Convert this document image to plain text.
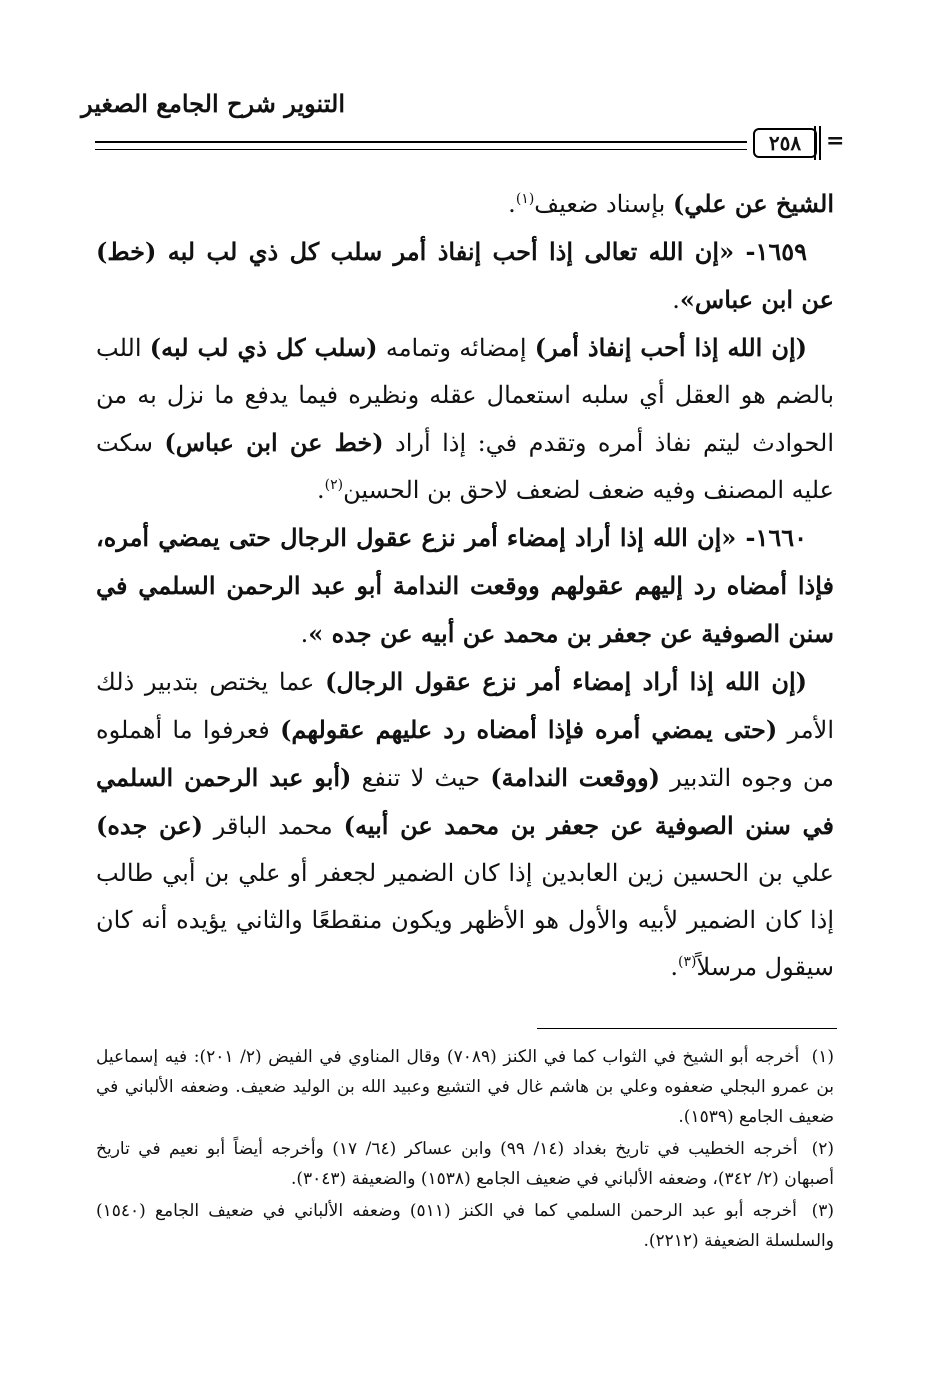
التنوير شرح الجامع الصغير
=
٢٥٨

الشيخ عن علي) بإسناد ضعيف$^{(١)}$.

١٦٥٩- «إن الله تعالى إذا أحب إنفاذ أمر سلب كل ذي لب لبه (خط) عن ابن عباس».

(إن الله إذا أحب إنفاذ أمر) إمضائه وتمامه (سلب كل ذي لب لبه) اللب بالضم هو العقل أي سلبه استعمال عقله ونظيره فيما يدفع ما نزل به من الحوادث ليتم نفاذ أمره وتقدم في: إذا أراد (خط عن ابن عباس) سكت عليه المصنف وفيه ضعف لضعف لاحق بن الحسين$^{(٢)}$.

١٦٦٠- «إن الله إذا أراد إمضاء أمر نزع عقول الرجال حتى يمضي أمره، فإذا أمضاه رد إليهم عقولهم ووقعت الندامة أبو عبد الرحمن السلمي في سنن الصوفية عن جعفر بن محمد عن أبيه عن جده ».

(إن الله إذا أراد إمضاء أمر نزع عقول الرجال) عما يختص بتدبير ذلك الأمر (حتى يمضي أمره فإذا أمضاه رد عليهم عقولهم) فعرفوا ما أهملوه من وجوه التدبير (ووقعت الندامة) حيث لا تنفع (أبو عبد الرحمن السلمي في سنن الصوفية عن جعفر بن محمد عن أبيه) محمد الباقر (عن جده) علي بن الحسين زين العابدين إذا كان الضمير لجعفر أو علي بن أبي طالب إذا كان الضمير لأبيه والأول هو الأظهر ويكون منقطعًا والثاني يؤيده أنه كان سيقول مرسلاً$^{(٣)}$.

(١) أخرجه أبو الشيخ في الثواب كما في الكنز (٧٠٨٩) وقال المناوي في الفيض (٢/ ٢٠١): فيه إسماعيل بن عمرو البجلي ضعفوه وعلي بن هاشم غال في التشيع وعبيد الله بن الوليد ضعيف. وضعفه الألباني في ضعيف الجامع (١٥٣٩).

(٢) أخرجه الخطيب في تاريخ بغداد (١٤/ ٩٩) وابن عساكر (٦٤/ ١٧) وأخرجه أيضاً أبو نعيم في تاريخ أصبهان (٢/ ٣٤٢)، وضعفه الألباني في ضعيف الجامع (١٥٣٨) والضعيفة (٣٠٤٣).

(٣) أخرجه أبو عبد الرحمن السلمي كما في الكنز (٥١١) وضعفه الألباني في ضعيف الجامع (١٥٤٠) والسلسلة الضعيفة (٢٢١٢).
